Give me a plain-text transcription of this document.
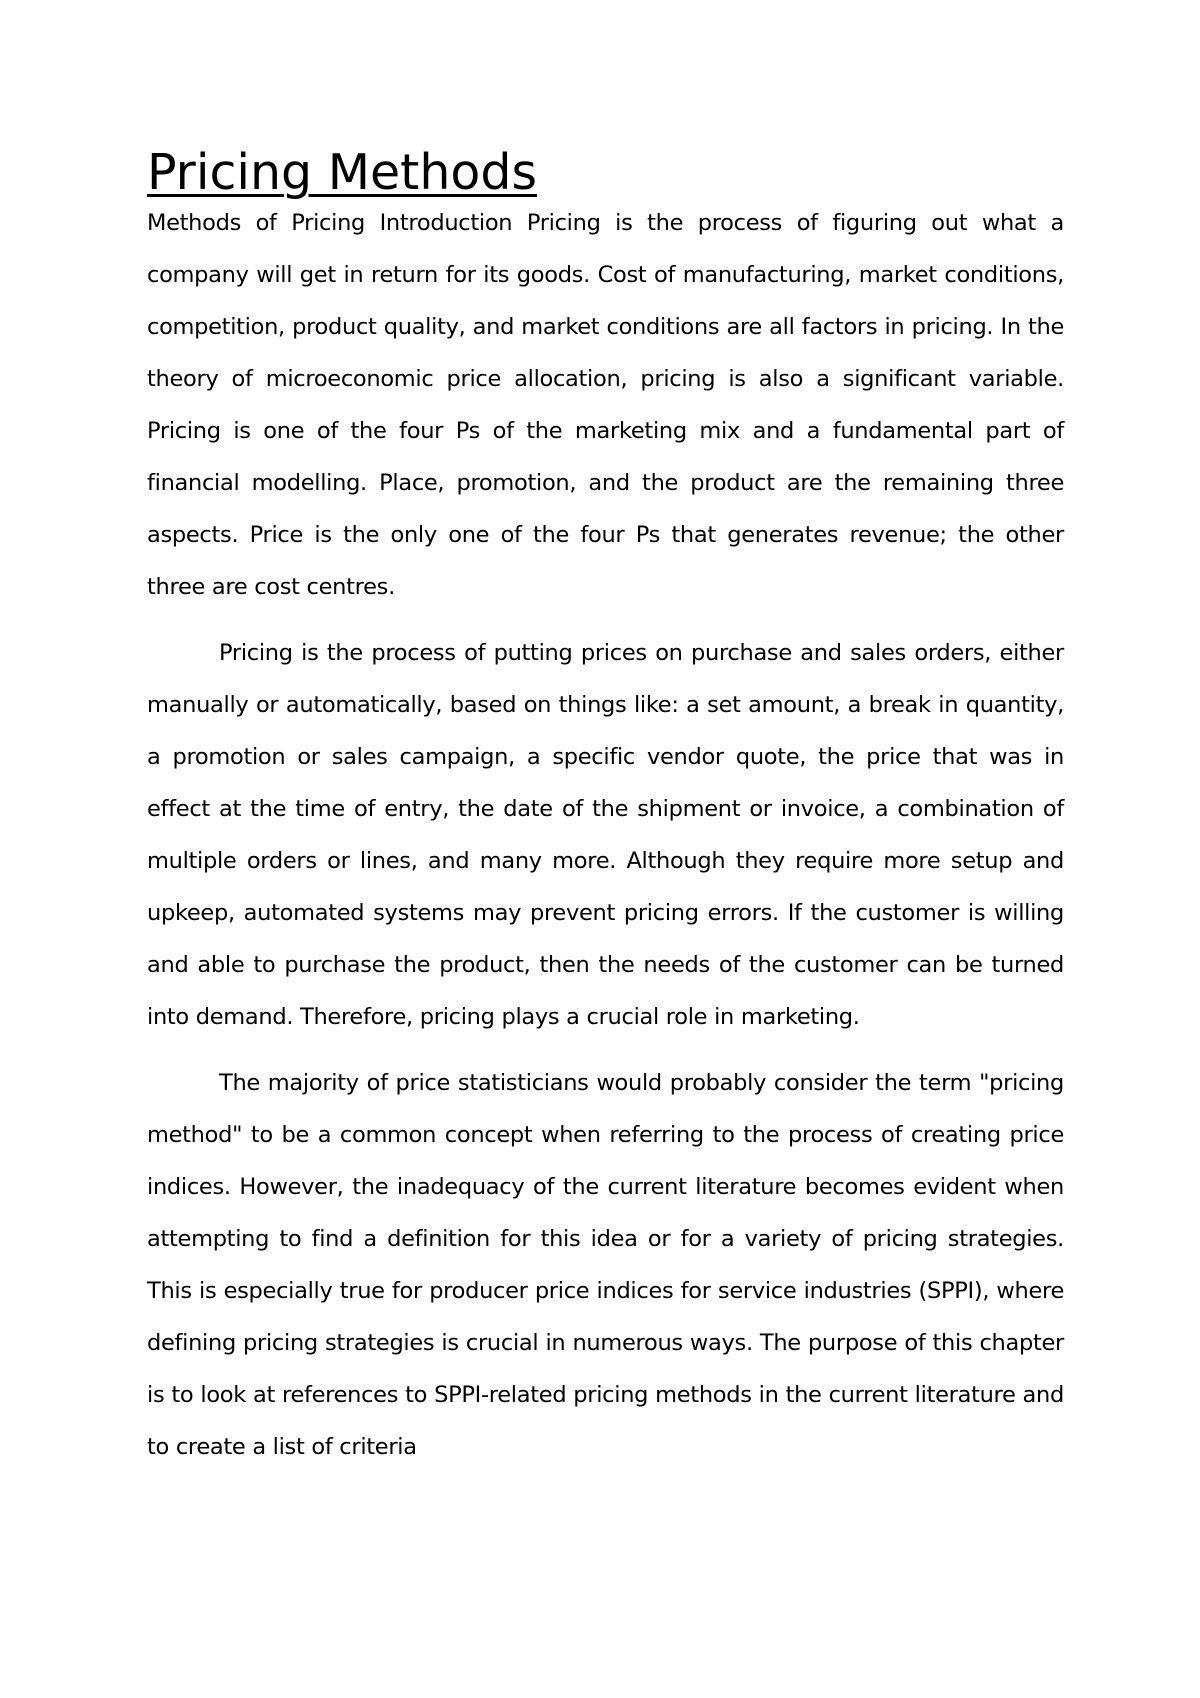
Pricing Methods

Methods of Pricing Introduction Pricing is the process of figuring out what a company will get in return for its goods. Cost of manufacturing, market conditions, competition, product quality, and market conditions are all factors in pricing. In the theory of microeconomic price allocation, pricing is also a significant variable. Pricing is one of the four Ps of the marketing mix and a fundamental part of financial modelling. Place, promotion, and the product are the remaining three aspects. Price is the only one of the four Ps that generates revenue; the other three are cost centres.

Pricing is the process of putting prices on purchase and sales orders, either manually or automatically, based on things like: a set amount, a break in quantity, a promotion or sales campaign, a specific vendor quote, the price that was in effect at the time of entry, the date of the shipment or invoice, a combination of multiple orders or lines, and many more. Although they require more setup and upkeep, automated systems may prevent pricing errors. If the customer is willing and able to purchase the product, then the needs of the customer can be turned into demand. Therefore, pricing plays a crucial role in marketing.

The majority of price statisticians would probably consider the term "pricing method" to be a common concept when referring to the process of creating price indices. However, the inadequacy of the current literature becomes evident when attempting to find a definition for this idea or for a variety of pricing strategies. This is especially true for producer price indices for service industries (SPPI), where defining pricing strategies is crucial in numerous ways. The purpose of this chapter is to look at references to SPPI-related pricing methods in the current literature and to create a list of criteria
